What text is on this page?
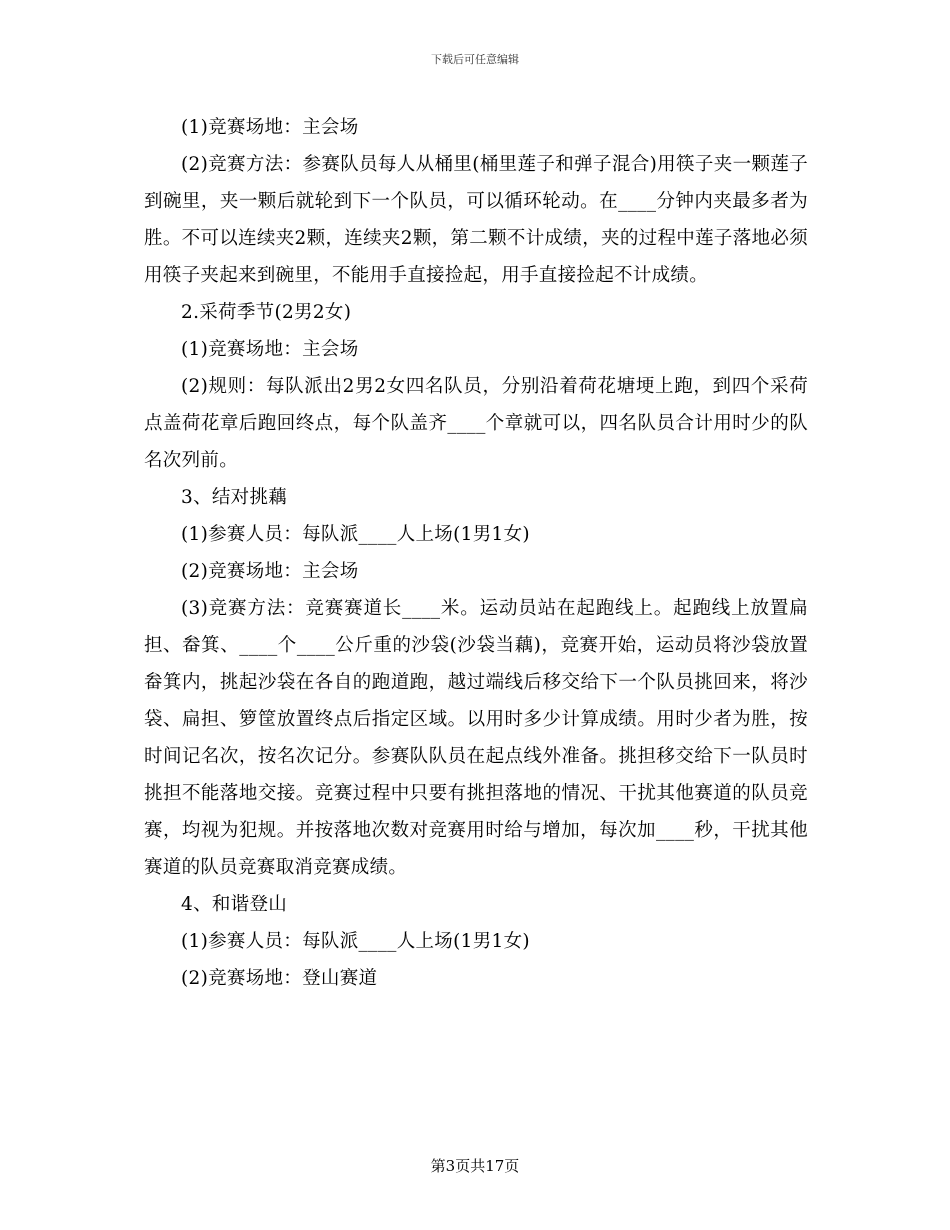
下载后可任意编辑

(1)竞赛场地：主会场

(2)竞赛方法：参赛队员每人从桶里(桶里莲子和弹子混合)用筷子夹一颗莲子到碗里，夹一颗后就轮到下一个队员，可以循环轮动。在____分钟内夹最多者为胜。不可以连续夹2颗，连续夹2颗，第二颗不计成绩，夹的过程中莲子落地必须用筷子夹起来到碗里，不能用手直接捡起，用手直接捡起不计成绩。

2.采荷季节(2男2女)

(1)竞赛场地：主会场

(2)规则：每队派出2男2女四名队员，分别沿着荷花塘埂上跑，到四个采荷点盖荷花章后跑回终点，每个队盖齐____个章就可以，四名队员合计用时少的队名次列前。

3、结对挑藕

(1)参赛人员：每队派____人上场(1男1女)

(2)竞赛场地：主会场

(3)竞赛方法：竞赛赛道长____米。运动员站在起跑线上。起跑线上放置扁担、畚箕、____个____公斤重的沙袋(沙袋当藕)，竞赛开始，运动员将沙袋放置畚箕内，挑起沙袋在各自的跑道跑，越过端线后移交给下一个队员挑回来，将沙袋、扁担、箩筐放置终点后指定区域。以用时多少计算成绩。用时少者为胜，按时间记名次，按名次记分。参赛队队员在起点线外准备。挑担移交给下一队员时挑担不能落地交接。竞赛过程中只要有挑担落地的情况、干扰其他赛道的队员竞赛，均视为犯规。并按落地次数对竞赛用时给与增加，每次加____秒，干扰其他赛道的队员竞赛取消竞赛成绩。

4、和谐登山

(1)参赛人员：每队派____人上场(1男1女)

(2)竞赛场地：登山赛道

第3页共17页
